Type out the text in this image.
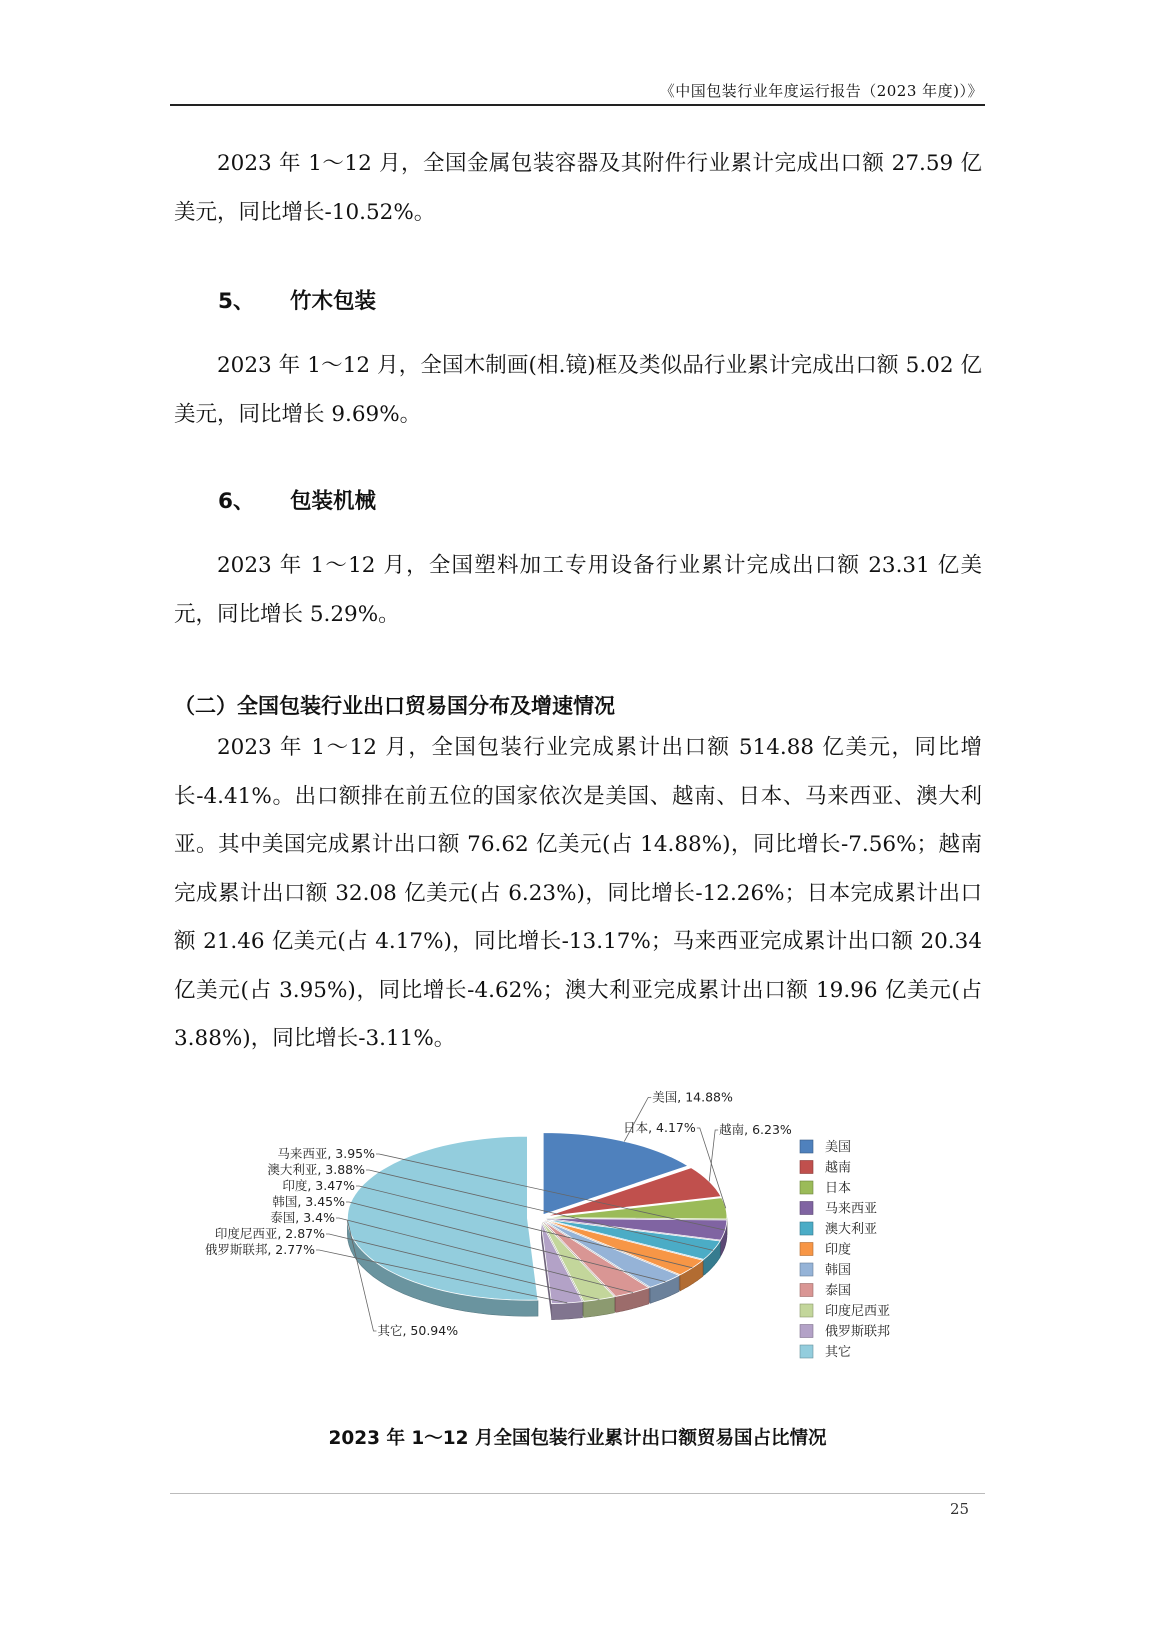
《中国包装行业年度运行报告（2023 年度)）》

2023 年 1～12 月，全国金属包装容器及其附件行业累计完成出口额 27.59 亿美元，同比增长-10.52%。

5、 竹木包装

2023 年 1～12 月，全国木制画(相.镜)框及类似品行业累计完成出口额 5.02 亿美元，同比增长 9.69%。

6、 包装机械

2023 年 1～12 月，全国塑料加工专用设备行业累计完成出口额 23.31 亿美元，同比增长 5.29%。

（二）全国包装行业出口贸易国分布及增速情况

2023 年 1～12 月，全国包装行业完成累计出口额 514.88 亿美元，同比增长-4.41%。出口额排在前五位的国家依次是美国、越南、日本、马来西亚、澳大利亚。其中美国完成累计出口额 76.62 亿美元(占 14.88%)，同比增长-7.56%；越南完成累计出口额 32.08 亿美元(占 6.23%)，同比增长-12.26%；日本完成累计出口额 21.46 亿美元(占 4.17%)，同比增长-13.17%；马来西亚完成累计出口额 20.34 亿美元(占 3.95%)，同比增长-4.62%；澳大利亚完成累计出口额 19.96 亿美元(占 3.88%)，同比增长-3.11%。

美国, 14.88%
越南, 6.23%
日本, 4.17%
马来西亚, 3.95%
澳大利亚, 3.88%
印度, 3.47%
韩国, 3.45%
泰国, 3.4%
印度尼西亚, 2.87%
俄罗斯联邦, 2.77%
其它, 50.94%
美国
越南
日本
马来西亚
澳大利亚
印度
韩国
泰国
印度尼西亚
俄罗斯联邦
其它
2023 年 1～12 月全国包装行业累计出口额贸易国占比情况
25
